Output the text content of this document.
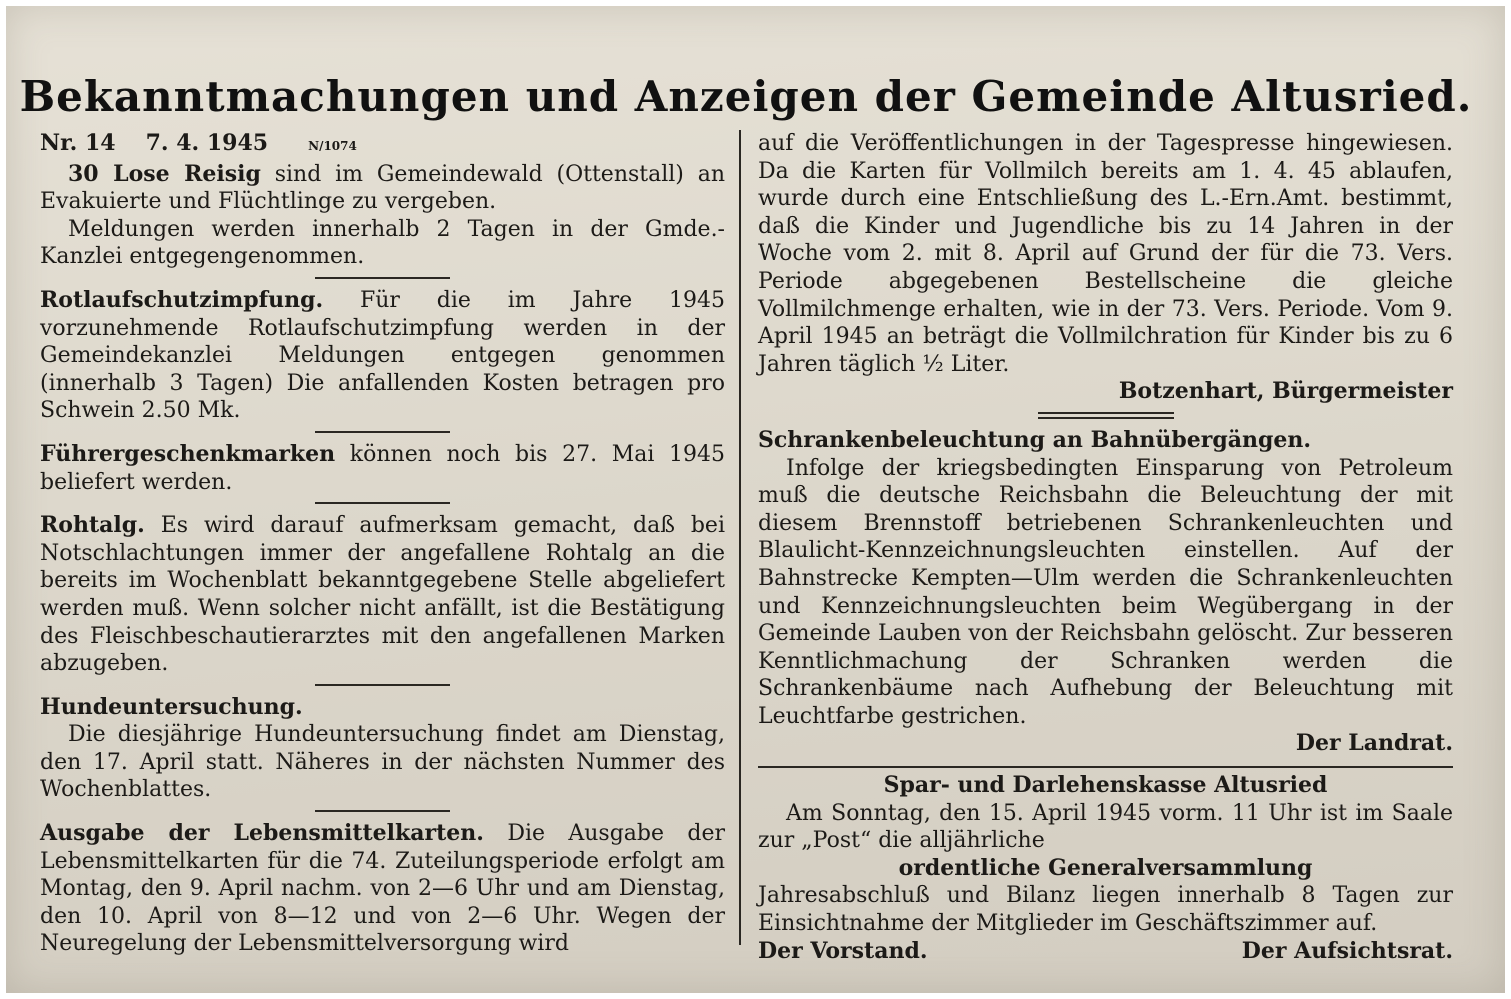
Bekanntmachungen und Anzeigen der Gemeinde Altusried.
Nr. 14 7. 4. 1945	N/1074

30 Lose Reisig sind im Gemeindewald (Ottenstall) an Evakuierte und Flüchtlinge zu vergeben.

Meldungen werden innerhalb 2 Tagen in der Gmde.-Kanzlei entgegengenommen.

Rotlaufschutzimpfung. Für die im Jahre 1945 vorzunehmende Rotlaufschutzimpfung werden in der Gemeindekanzlei Meldungen entgegen genommen (innerhalb 3 Tagen) Die anfallenden Kosten betragen pro Schwein 2.50 Mk.

Führergeschenkmarken können noch bis 27. Mai 1945 beliefert werden.

Rohtalg. Es wird darauf aufmerksam gemacht, daß bei Notschlachtungen immer der angefallene Rohtalg an die bereits im Wochenblatt bekanntgegebene Stelle abgeliefert werden muß. Wenn solcher nicht anfällt, ist die Bestätigung des Fleischbeschautierarztes mit den angefallenen Marken abzugeben.

Hundeuntersuchung.

Die diesjährige Hundeuntersuchung findet am Dienstag, den 17. April statt. Näheres in der nächsten Nummer des Wochenblattes.

Ausgabe der Lebensmittelkarten. Die Ausgabe der Lebensmittelkarten für die 74. Zuteilungsperiode erfolgt am Montag, den 9. April nachm. von 2—6 Uhr und am Dienstag, den 10. April von 8—12 und von 2—6 Uhr. Wegen der Neuregelung der Lebensmittelversorgung wird

auf die Veröffentlichungen in der Tagespresse hingewiesen. Da die Karten für Vollmilch bereits am 1. 4. 45 ablaufen, wurde durch eine Entschließung des L.-Ern.Amt. bestimmt, daß die Kinder und Jugendliche bis zu 14 Jahren in der Woche vom 2. mit 8. April auf Grund der für die 73. Vers. Periode abgegebenen Bestellscheine die gleiche Vollmilchmenge erhalten, wie in der 73. Vers. Periode. Vom 9. April 1945 an beträgt die Vollmilchration für Kinder bis zu 6 Jahren täglich ½ Liter.

Botzenhart, Bürgermeister

Schrankenbeleuchtung an Bahnübergängen.

Infolge der kriegsbedingten Einsparung von Petroleum muß die deutsche Reichsbahn die Beleuchtung der mit diesem Brennstoff betriebenen Schrankenleuchten und Blaulicht-Kennzeichnungsleuchten einstellen. Auf der Bahnstrecke Kempten—Ulm werden die Schrankenleuchten und Kennzeichnungsleuchten beim Wegübergang in der Gemeinde Lauben von der Reichsbahn gelöscht. Zur besseren Kenntlichmachung der Schranken werden die Schrankenbäume nach Aufhebung der Beleuchtung mit Leuchtfarbe gestrichen.

Der Landrat.

Spar- und Darlehenskasse Altusried

Am Sonntag, den 15. April 1945 vorm. 11 Uhr ist im Saale zur „Post“ die alljährliche

ordentliche Generalversammlung

Jahresabschluß und Bilanz liegen innerhalb 8 Tagen zur Einsichtnahme der Mitglieder im Geschäftszimmer auf.

Der Vorstand.	Der Aufsichtsrat.
